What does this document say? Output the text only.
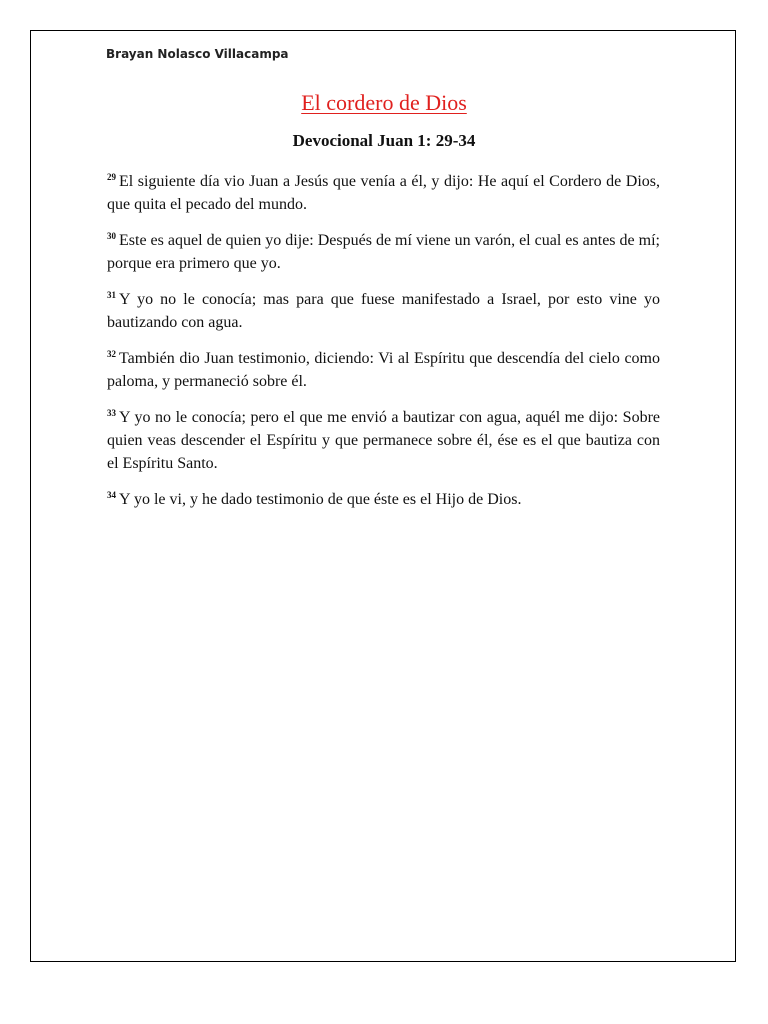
Brayan Nolasco Villacampa
El cordero de Dios
Devocional Juan 1: 29-34

$^{29}$ El siguiente día vio Juan a Jesús que venía a él, y dijo: He aquí el Cordero de Dios, que quita el pecado del mundo.

$^{30}$ Este es aquel de quien yo dije: Después de mí viene un varón, el cual es antes de mí; porque era primero que yo.

$^{31}$ Y yo no le conocía; mas para que fuese manifestado a Israel, por esto vine yo bautizando con agua.

$^{32}$ También dio Juan testimonio, diciendo: Vi al Espíritu que descendía del cielo como paloma, y permaneció sobre él.

$^{33}$ Y yo no le conocía; pero el que me envió a bautizar con agua, aquél me dijo: Sobre quien veas descender el Espíritu y que permanece sobre él, ése es el que bautiza con el Espíritu Santo.

$^{34}$ Y yo le vi, y he dado testimonio de que éste es el Hijo de Dios.
